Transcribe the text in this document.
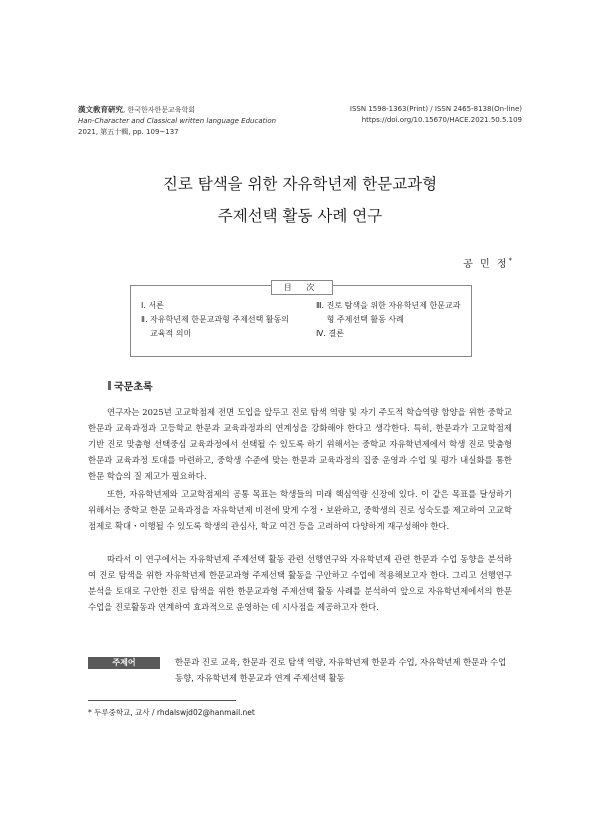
漢文敎育硏究, 한국한자한문교육학회
Han-Character and Classical written language Education
2021, 第五十輯, pp. 109~137
ISSN 1598-1363(Print) / ISSN 2465-8138(On-line)
https://doi.org/10.15670/HACE.2021.50.5.109
진로 탐색을 위한 자유학년제 한문교과형
주제선택 활동 사례 연구
공 민 정*
目 次
Ⅰ. 서론
Ⅱ. 자유학년제 한문교과형 주제선택 활동의 교육적 의미
Ⅲ. 진로 탐색을 위한 자유학년제 한문교과형 주제선택 활동 사례
Ⅳ. 결론
국문초록
연구자는 2025년 고교학점제 전면 도입을 앞두고 진로 탐색 역량 및 자기 주도적 학습역량 함양을 위한 중학교 한문과 교육과정과 고등학교 한문과 교육과정과의 연계성을 강화해야 한다고 생각한다. 특히, 한문과가 고교학점제 기반 진로 맞춤형 선택중심 교육과정에서 선택될 수 있도록 하기 위해서는 중학교 자유학년제에서 학생 진로 맞춤형 한문과 교육과정 토대를 마련하고, 중학생 수준에 맞는 한문과 교육과정의 집중 운영과 수업 및 평가 내실화를 통한 한문 학습의 질 제고가 필요하다.
또한, 자유학년제와 고교학점제의 공통 목표는 학생들의 미래 핵심역량 신장에 있다. 이 같은 목표를 달성하기 위해서는 중학교 한문 교육과정을 자유학년제 비전에 맞게 수정・보완하고, 중학생의 진로 성숙도를 제고하여 고교학점제로 확대・이행될 수 있도록 학생의 관심사, 학교 여건 등을 고려하여 다양하게 재구성해야 한다.
따라서 이 연구에서는 자유학년제 주제선택 활동 관련 선행연구와 자유학년제 관련 한문과 수업 동향을 분석하여 진로 탐색을 위한 자유학년제 한문교과형 주제선택 활동을 구안하고 수업에 적용해보고자 한다. 그리고 선행연구 분석을 토대로 구안한 진로 탐색을 위한 한문교과형 주제선택 활동 사례를 분석하여 앞으로 자유학년제에서의 한문 수업을 진로활동과 연계하여 효과적으로 운영하는 데 시사점을 제공하고자 한다.
주제어	한문과 진로 교육, 한문과 진로 탐색 역량, 자유학년제 한문과 수업, 자유학년제 한문과 수업 동향, 자유학년제 한문교과 연계 주제선택 활동
* 두루중학교, 교사 / rhdalswjd02@hanmail.net
